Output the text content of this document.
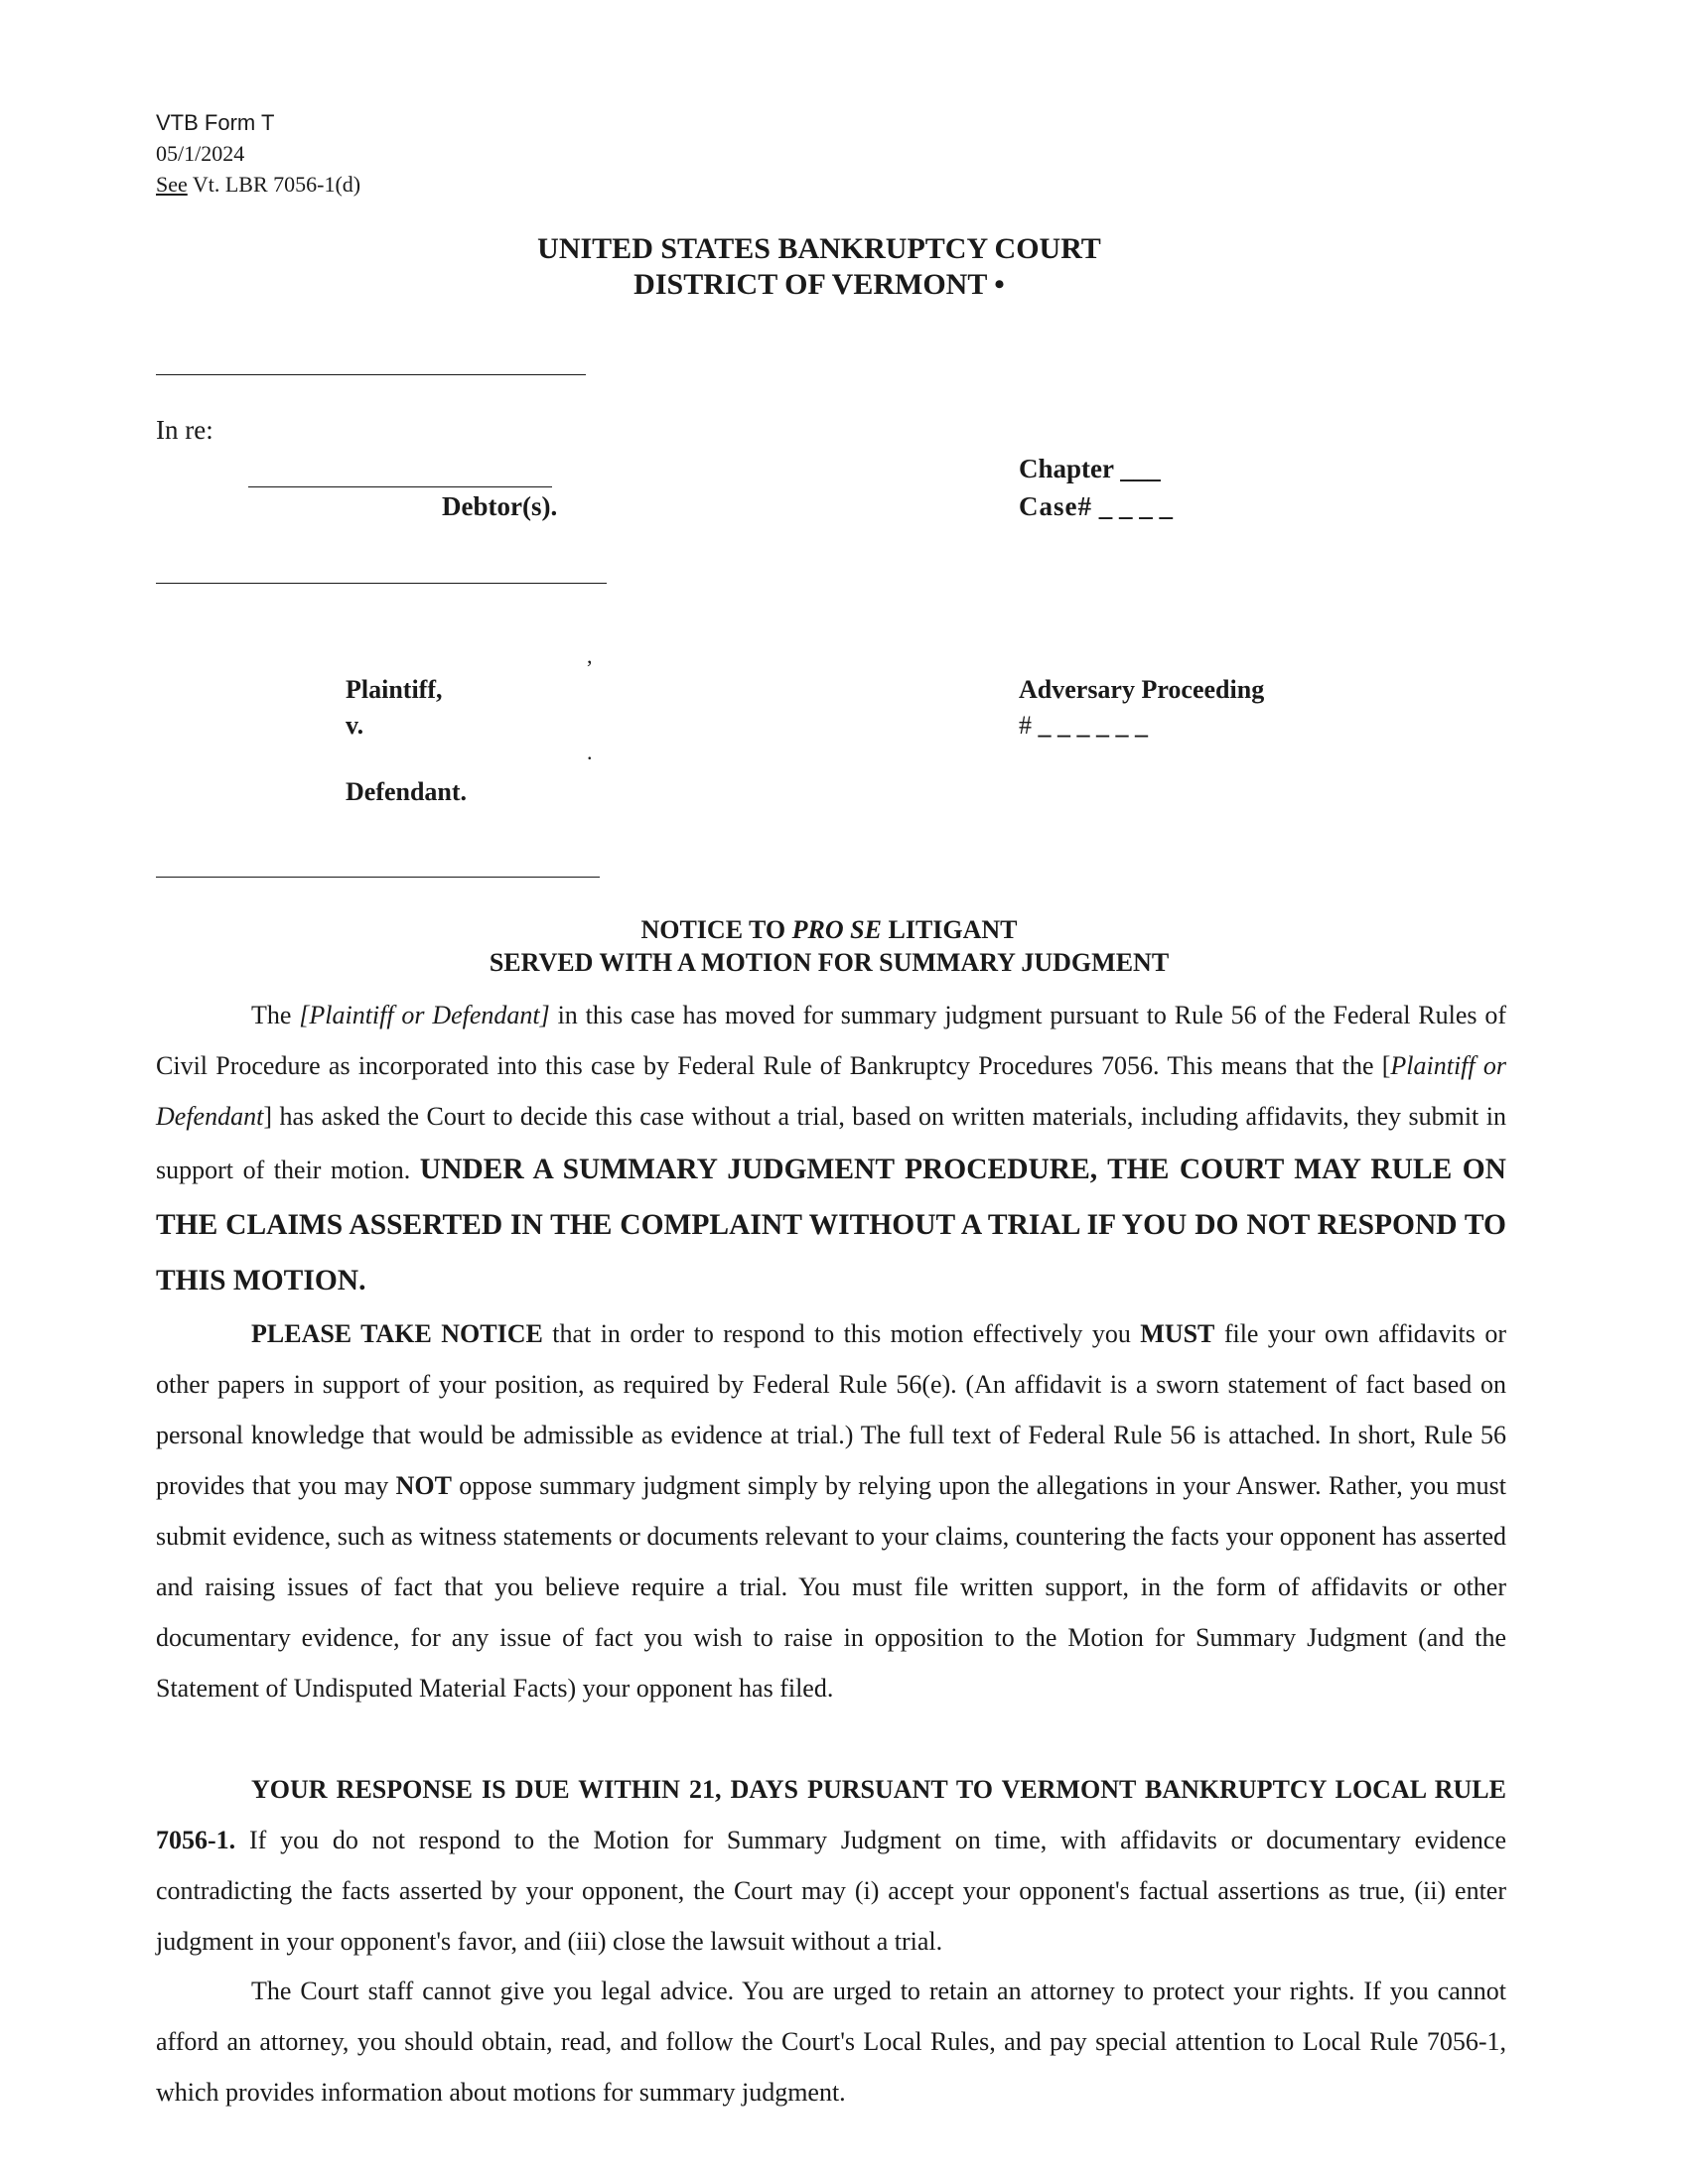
VTB Form T
05/1/2024
See Vt. LBR 7056-1(d)
UNITED STATES BANKRUPTCY COURT
DISTRICT OF VERMONT •
In re:
Debtor(s).
Chapter ___
Case# _ _ _ _
,
Plaintiff,
v.
.
Defendant.
Adversary Proceeding
# _ _ _ _ _ _
NOTICE TO PRO SE LITIGANT
SERVED WITH A MOTION FOR SUMMARY JUDGMENT

The [Plaintiff or Defendant] in this case has moved for summary judgment pursuant to Rule 56 of the Federal Rules of Civil Procedure as incorporated into this case by Federal Rule of Bankruptcy Procedures 7056. This means that the [Plaintiff or Defendant] has asked the Court to decide this case without a trial, based on written materials, including affidavits, they submit in support of their motion. UNDER A SUMMARY JUDGMENT PROCEDURE, THE COURT MAY RULE ON THE CLAIMS ASSERTED IN THE COMPLAINT WITHOUT A TRIAL IF YOU DO NOT RESPOND TO THIS MOTION.

PLEASE TAKE NOTICE that in order to respond to this motion effectively you MUST file your own affidavits or other papers in support of your position, as required by Federal Rule 56(e). (An affidavit is a sworn statement of fact based on personal knowledge that would be admissible as evidence at trial.) The full text of Federal Rule 56 is attached. In short, Rule 56 provides that you may NOT oppose summary judgment simply by relying upon the allegations in your Answer. Rather, you must submit evidence, such as witness statements or documents relevant to your claims, countering the facts your opponent has asserted and raising issues of fact that you believe require a trial. You must file written support, in the form of affidavits or other documentary evidence, for any issue of fact you wish to raise in opposition to the Motion for Summary Judgment (and the Statement of Undisputed Material Facts) your opponent has filed.

YOUR RESPONSE IS DUE WITHIN 21, DAYS PURSUANT TO VERMONT BANKRUPTCY LOCAL RULE 7056-1. If you do not respond to the Motion for Summary Judgment on time, with affidavits or documentary evidence contradicting the facts asserted by your opponent, the Court may (i) accept your opponent's factual assertions as true, (ii) enter judgment in your opponent's favor, and (iii) close the lawsuit without a trial.

The Court staff cannot give you legal advice. You are urged to retain an attorney to protect your rights. If you cannot afford an attorney, you should obtain, read, and follow the Court's Local Rules, and pay special attention to Local Rule 7056-1, which provides information about motions for summary judgment.
